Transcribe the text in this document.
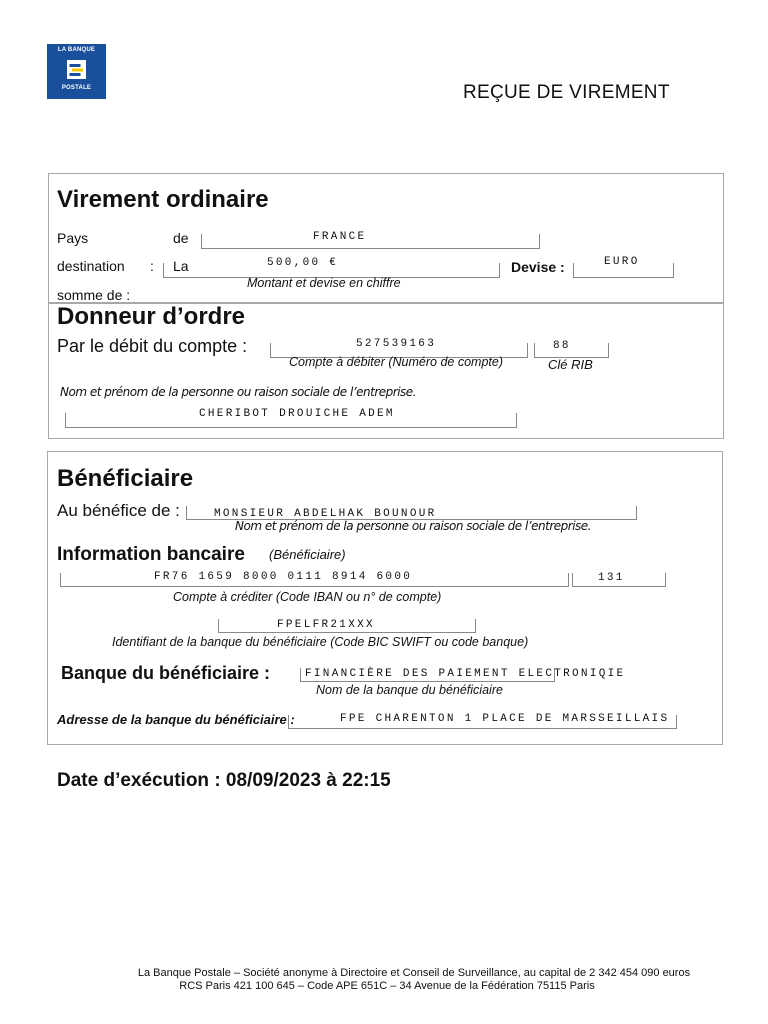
LA BANQUE
POSTALE	REÇUE DE VIREMENT
Virement ordinaire
Pays	de	FRANCE
destination : La	500,00 €
Montant et devise en chiffre
somme de :
Devise :	EURO
Donneur d’ordre
Par le débit du compte :	527539163
Compte à débiter (Numéro de compte)
88
Clé RIB
Nom et prénom de la personne ou raison sociale de l’entreprise.
CHERIBOT DROUICHE ADEM
Bénéficiaire
Au bénéfice de :	MONSIEUR ABDELHAK BOUNOUR
Nom et prénom de la personne ou raison sociale de l’entreprise.
Information bancaire (Bénéficiaire)
FR76 1659 8000 0111 8914 6000	131
Compte à créditer (Code IBAN ou n° de compte)
FPELFR21XXX
Identifiant de la banque du bénéficiaire (Code BIC SWIFT ou code banque)
Banque du bénéficiaire :	FINANCIÈRE DES PAIEMENT ELECTRONIQIE
Nom de la banque du bénéficiaire
Adresse de la banque du bénéficiaire :	FPE CHARENTON 1 PLACE DE MARSSEILLAIS
Date d’exécution : 08/09/2023 à 22:15
La Banque Postale – Société anonyme à Directoire et Conseil de Surveillance, au capital de 2 342 454 090 euros
RCS Paris 421 100 645 – Code APE 651C – 34 Avenue de la Fédération 75115 Paris
